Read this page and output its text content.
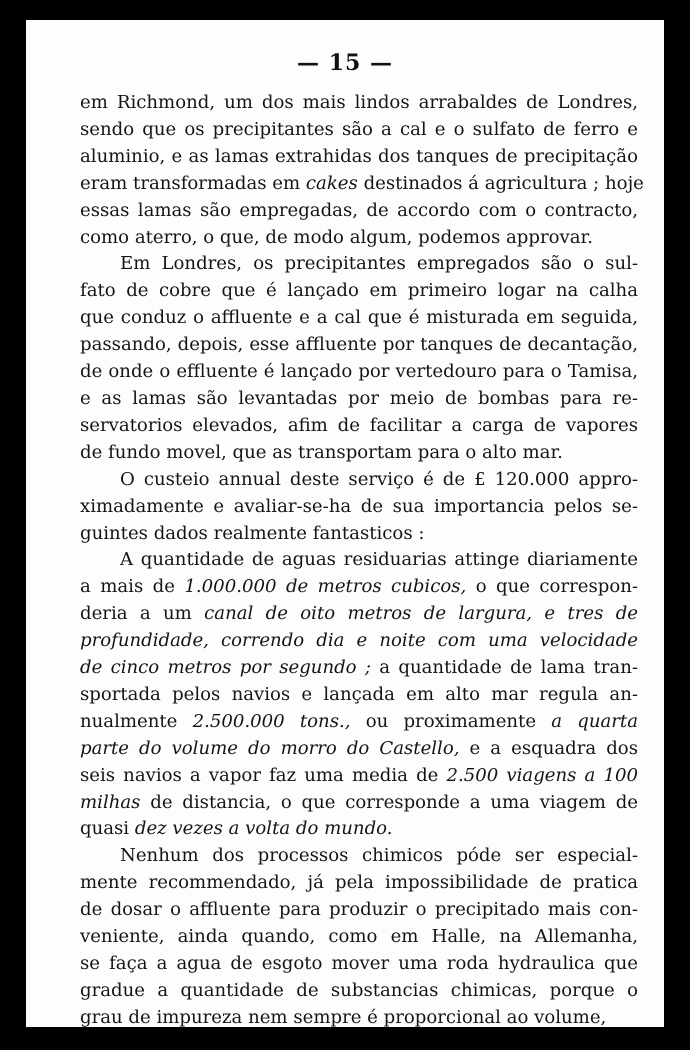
— 15 —

em Richmond, um dos mais lindos arrabaldes de Londres,
sendo que os precipitantes são a cal e o sulfato de ferro e
aluminio, e as lamas extrahidas dos tanques de precipitação
eram transformadas em cakes destinados á agricultura ; hoje
essas lamas são empregadas, de accordo com o contracto,
como aterro, o que, de modo algum, podemos approvar.

Em Londres, os precipitantes empregados são o sul-
fato de cobre que é lançado em primeiro logar na calha
que conduz o affluente e a cal que é misturada em seguida,
passando, depois, esse affluente por tanques de decantação,
de onde o effluente é lançado por vertedouro para o Tamisa,
e as lamas são levantadas por meio de bombas para re-
servatorios elevados, afim de facilitar a carga de vapores
de fundo movel, que as transportam para o alto mar.

O custeio annual deste serviço é de £ 120.000 appro-
ximadamente e avaliar-se-ha de sua importancia pelos se-
guintes dados realmente fantasticos :

A quantidade de aguas residuarias attinge diariamente
a mais de 1.000.000 de metros cubicos, o que correspon-
deria a um canal de oito metros de largura, e tres de
profundidade, correndo dia e noite com uma velocidade
de cinco metros por segundo ; a quantidade de lama tran-
sportada pelos navios e lançada em alto mar regula an-
nualmente 2.500.000 tons., ou proximamente a quarta
parte do volume do morro do Castello, e a esquadra dos
seis navios a vapor faz uma media de 2.500 viagens a 100
milhas de distancia, o que corresponde a uma viagem de
quasi dez vezes a volta do mundo.

Nenhum dos processos chimicos póde ser especial-
mente recommendado, já pela impossibilidade de pratica
de dosar o affluente para produzir o precipitado mais con-
veniente, ainda quando, como em Halle, na Allemanha,
se faça a agua de esgoto mover uma roda hydraulica que
gradue a quantidade de substancias chimicas, porque o
grau de impureza nem sempre é proporcional ao volume,
